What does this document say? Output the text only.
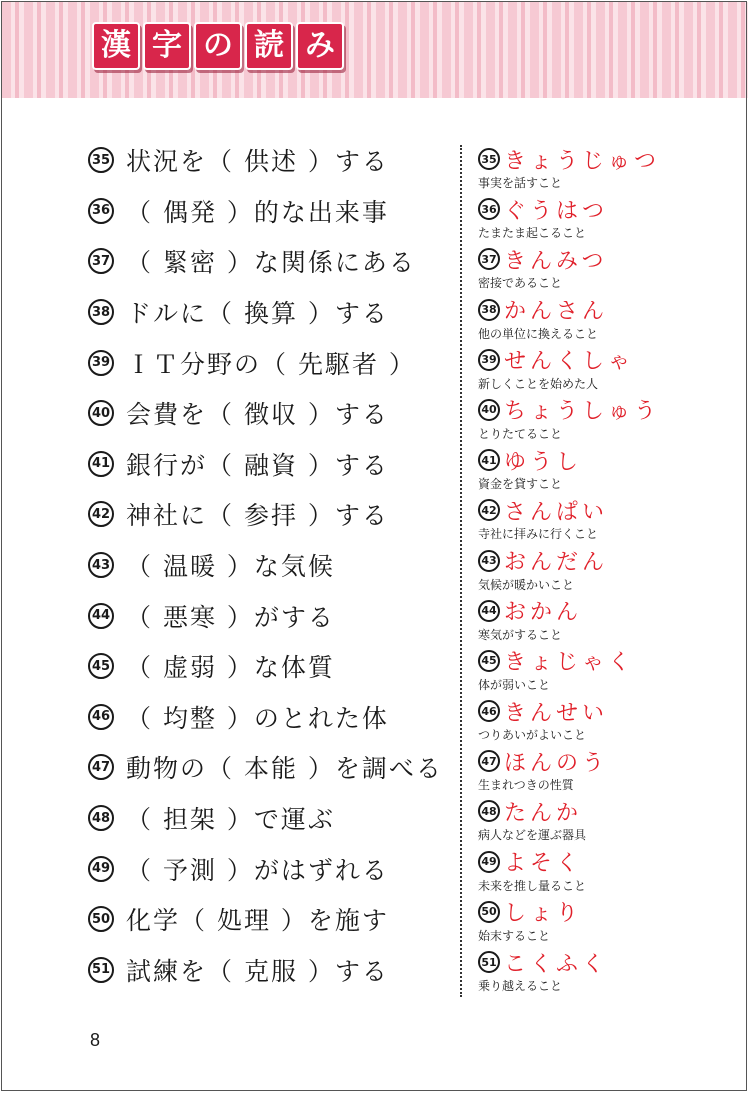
漢 字 の 読 み
35 状況を（ 供述 ）する
36 （ 偶発 ）的な出来事
37 （ 緊密 ）な関係にある
38 ドルに（ 換算 ）する
39 ＩＴ分野の（ 先駆者 ）
40 会費を（ 徴収 ）する
41 銀行が（ 融資 ）する
42 神社に（ 参拝 ）する
43 （ 温暖 ）な気候
44 （ 悪寒 ）がする
45 （ 虚弱 ）な体質
46 （ 均整 ）のとれた体
47 動物の（ 本能 ）を調べる
48 （ 担架 ）で運ぶ
49 （ 予測 ）がはずれる
50 化学（ 処理 ）を施す
51 試練を（ 克服 ）する
35 きょうじゅつ
事実を話すこと
36 ぐうはつ
たまたま起こること
37 きんみつ
密接であること
38 かんさん
他の単位に換えること
39 せんくしゃ
新しくことを始めた人
40 ちょうしゅう
とりたてること
41 ゆうし
資金を貸すこと
42 さんぱい
寺社に拝みに行くこと
43 おんだん
気候が暖かいこと
44 おかん
寒気がすること
45 きょじゃく
体が弱いこと
46 きんせい
つりあいがよいこと
47 ほんのう
生まれつきの性質
48 たんか
病人などを運ぶ器具
49 よそく
未来を推し量ること
50 しょり
始末すること
51 こくふく
乗り越えること
8
